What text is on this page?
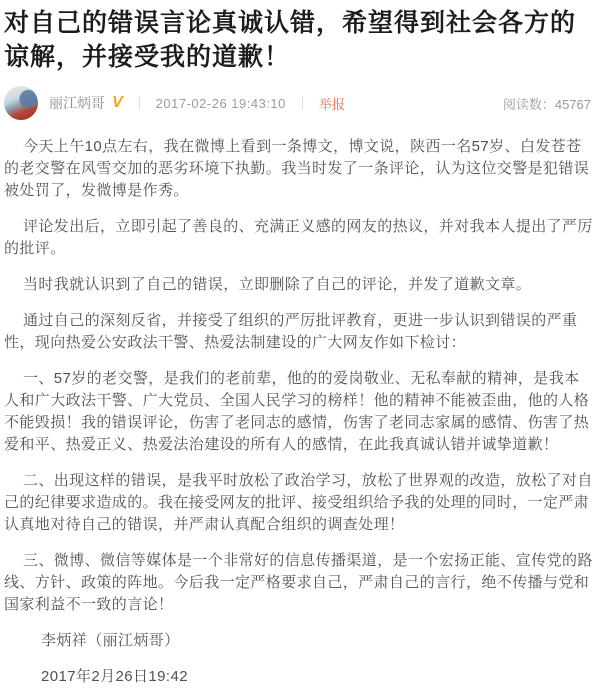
对自己的错误言论真诚认错，希望得到社会各方的谅解，并接受我的道歉！
丽江炳哥 V	2017-02-26 19:43:10	举报	阅读数：45767

今天上午10点左右，我在微博上看到一条博文，博文说，陕西一名57岁、白发苍苍的老交警在风雪交加的恶劣环境下执勤。我当时发了一条评论，认为这位交警是犯错误被处罚了，发微博是作秀。

评论发出后，立即引起了善良的、充满正义感的网友的热议，并对我本人提出了严厉的批评。

当时我就认识到了自己的错误，立即删除了自己的评论，并发了道歉文章。

通过自己的深刻反省，并接受了组织的严厉批评教育，更进一步认识到错误的严重性，现向热爱公安政法干警、热爱法制建设的广大网友作如下检讨：

一、57岁的老交警，是我们的老前辈，他的的爱岗敬业、无私奉献的精神，是我本人和广大政法干警、广大党员、全国人民学习的榜样！他的精神不能被歪曲，他的人格不能毁损！我的错误评论，伤害了老同志的感情，伤害了老同志家属的感情、伤害了热爱和平、热爱正义、热爱法治建设的所有人的感情，在此我真诚认错并诚挚道歉！

二、出现这样的错误，是我平时放松了政治学习，放松了世界观的改造，放松了对自己的纪律要求造成的。我在接受网友的批评、接受组织给予我的处理的同时，一定严肃认真地对待自己的错误，并严肃认真配合组织的调查处理！

三、微博、微信等媒体是一个非常好的信息传播渠道，是一个宏扬正能、宣传党的路线、方针、政策的阵地。今后我一定严格要求自己，严肃自己的言行，绝不传播与党和国家利益不一致的言论！

李炳祥（丽江炳哥）

2017年2月26日19:42
